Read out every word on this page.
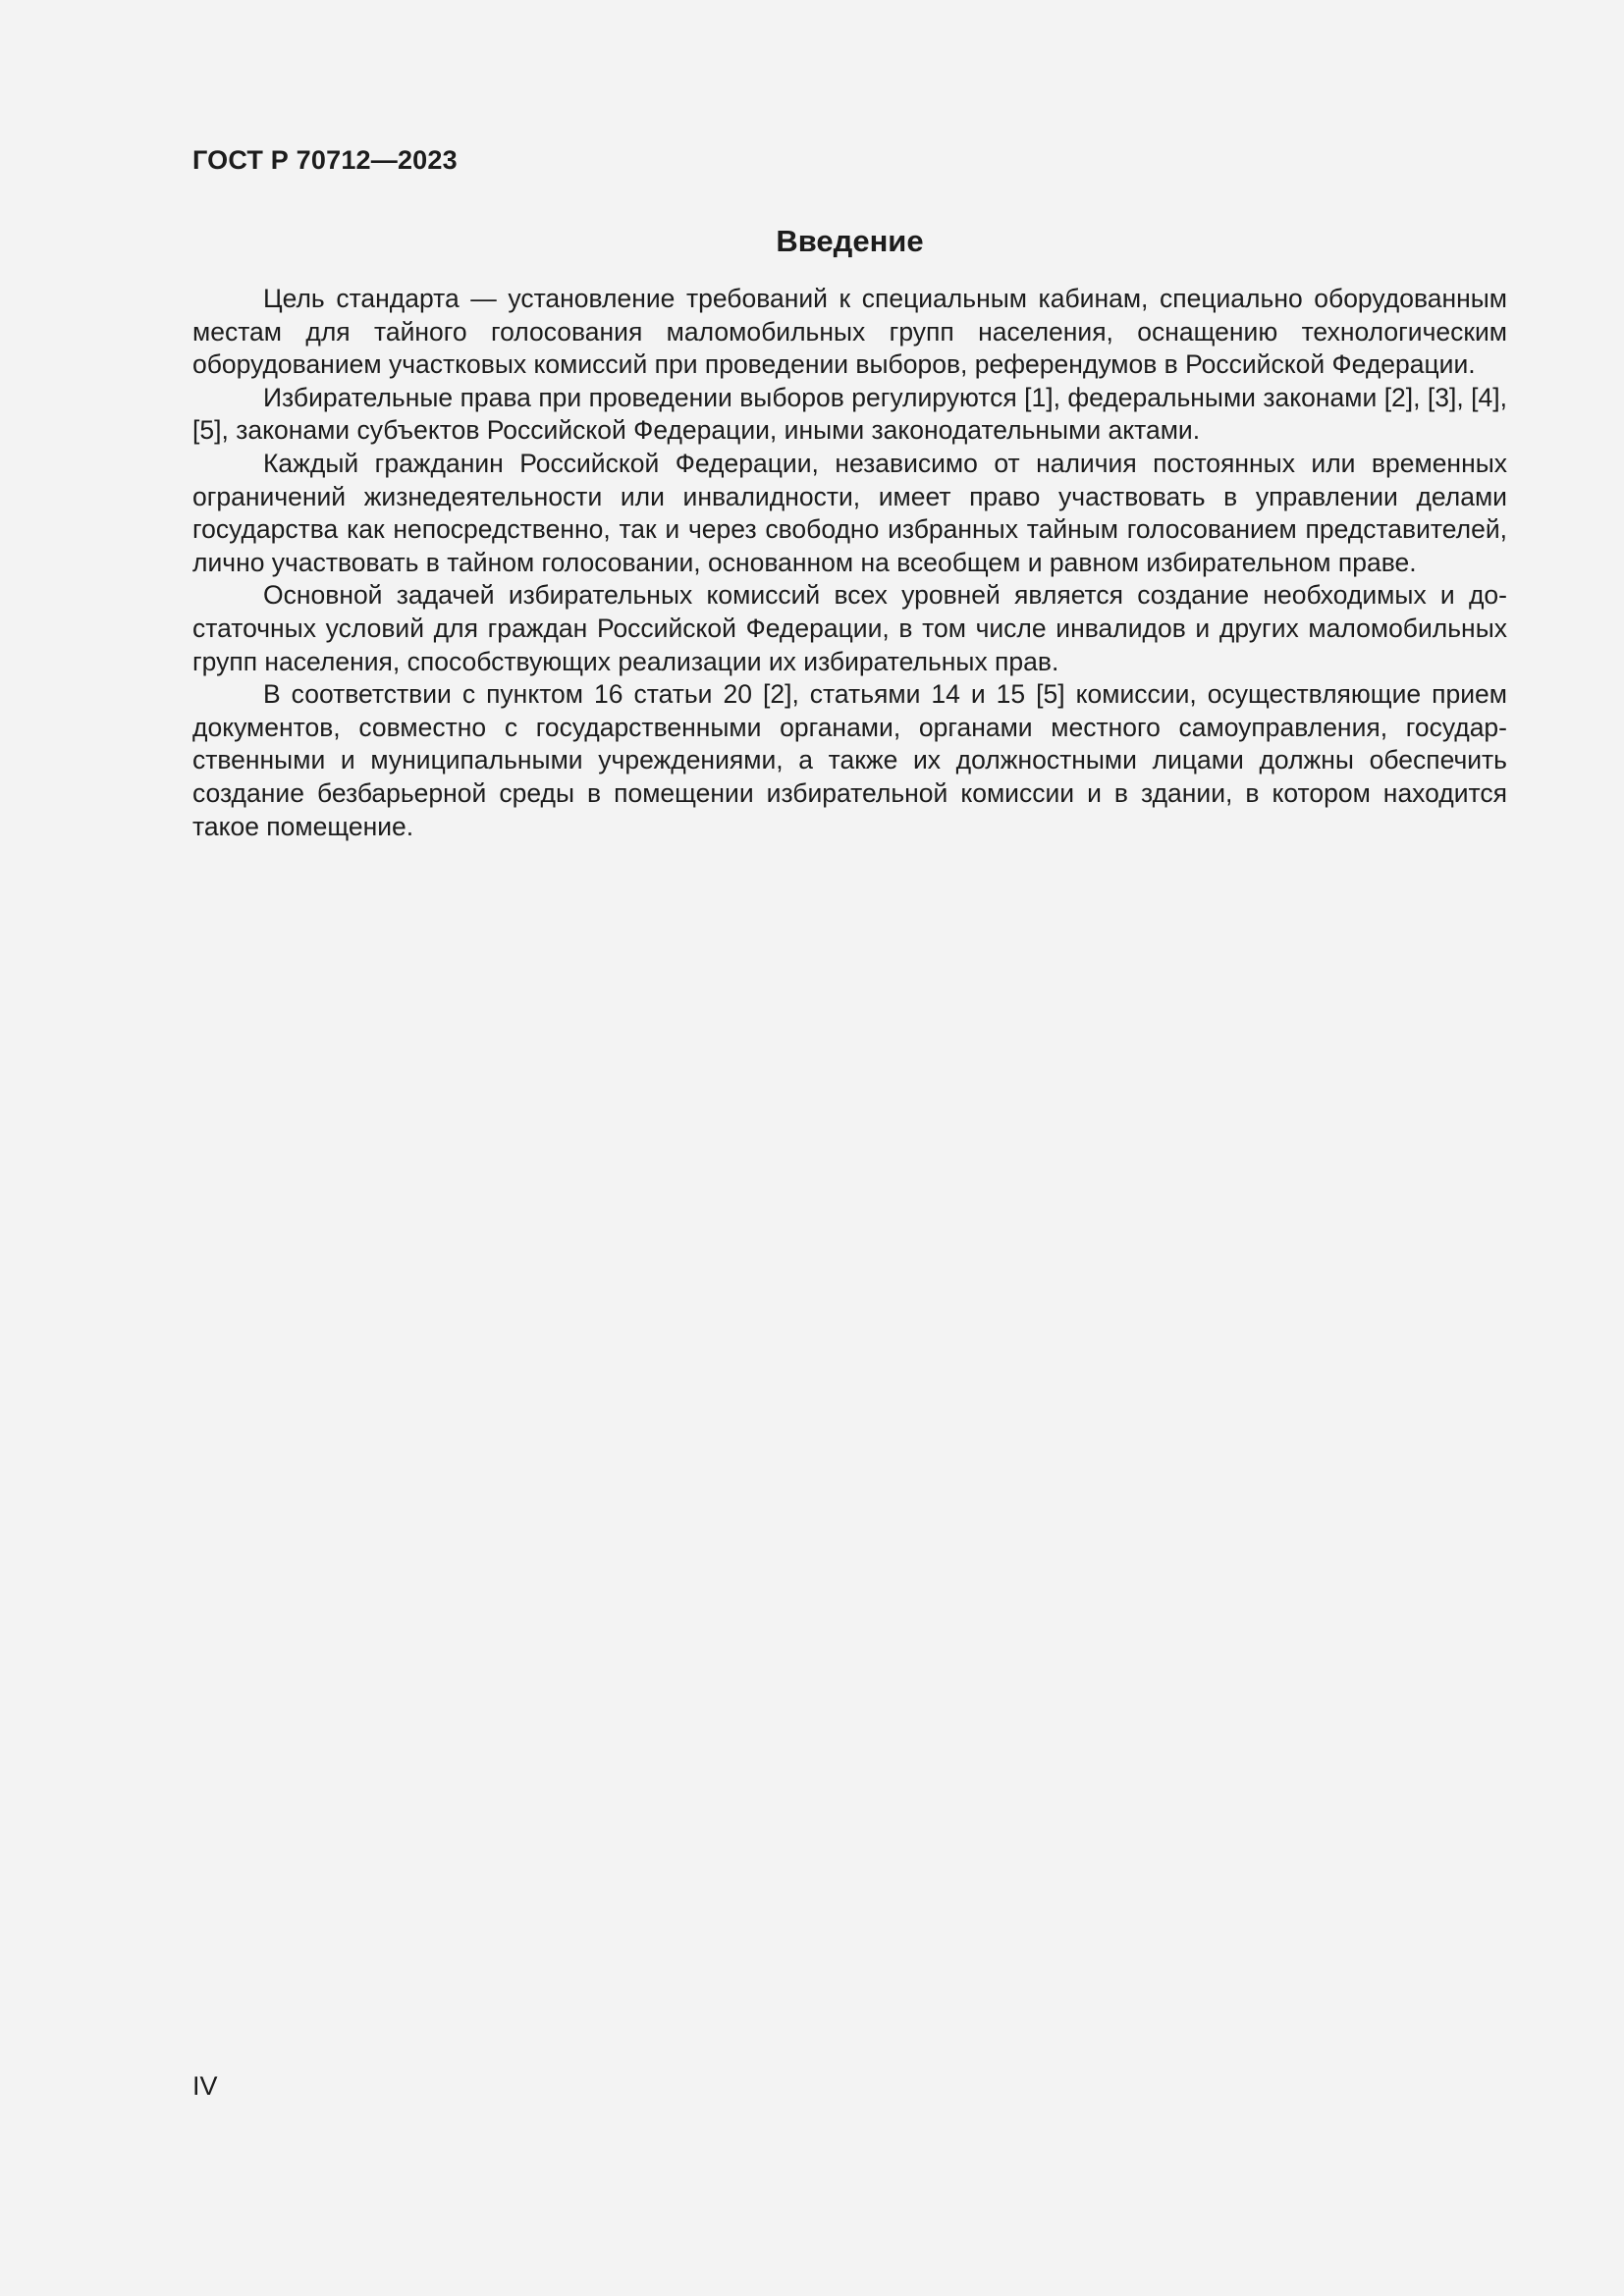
ГОСТ Р 70712—2023
Введение

Цель стандарта — установление требований к специальным кабинам, специально оборудованным местам для тайного голосования маломобильных групп населения, оснащению технологическим оборудованием участковых комиссий при проведении выборов, референдумов в Российской Федерации.

Избирательные права при проведении выборов регулируются [1], федеральными законами [2], [3], [4], [5], законами субъектов Российской Федерации, иными законодательными актами.

Каждый гражданин Российской Федерации, независимо от наличия постоянных или временных ограничений жизнедеятельности или инвалидности, имеет право участвовать в управлении делами государства как непосредственно, так и через свободно избранных тайным голосованием представителей, лично участвовать в тайном голосовании, основанном на всеобщем и равном избирательном праве.

Основной задачей избирательных комиссий всех уровней является создание необходимых и достаточных условий для граждан Российской Федерации, в том числе инвалидов и других маломобильных групп населения, способствующих реализации их избирательных прав.

В соответствии с пунктом 16 статьи 20 [2], статьями 14 и 15 [5] комиссии, осуществляющие прием документов, совместно с государственными органами, органами местного самоуправления, государственными и муниципальными учреждениями, а также их должностными лицами должны обеспечить создание безбарьерной среды в помещении избирательной комиссии и в здании, в котором находится такое помещение.

IV
